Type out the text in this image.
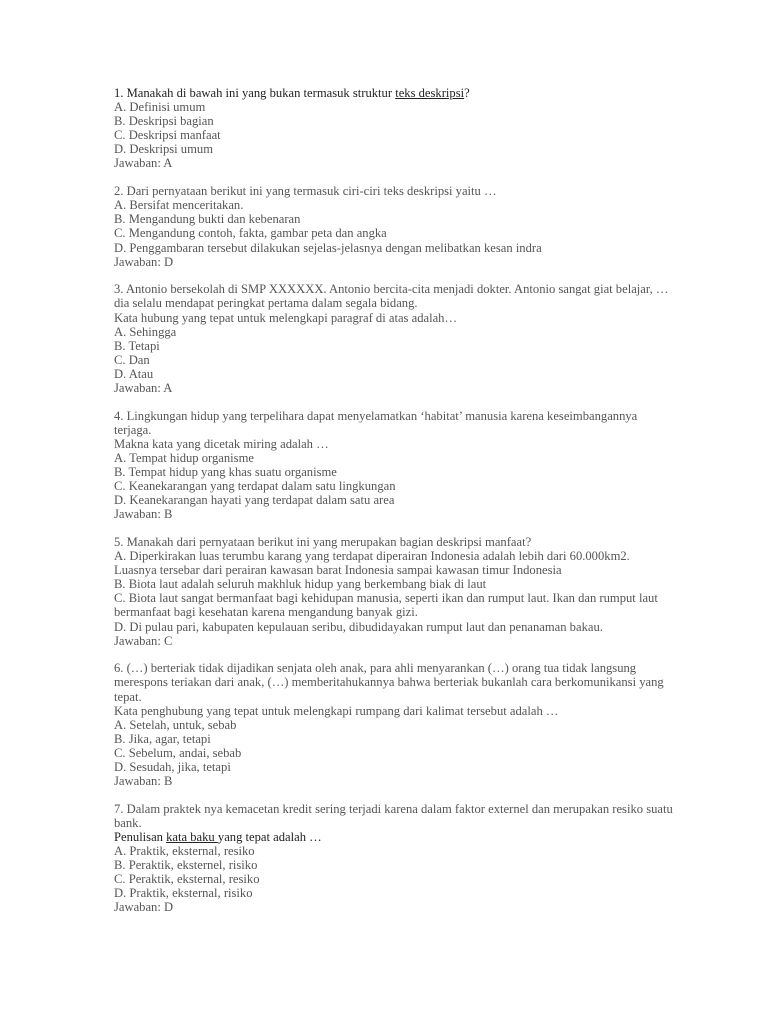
1. Manakah di bawah ini yang bukan termasuk struktur teks deskripsi?
A. Definisi umum
B. Deskripsi bagian
C. Deskripsi manfaat
D. Deskripsi umum
Jawaban: A
2. Dari pernyataan berikut ini yang termasuk ciri-ciri teks deskripsi yaitu …
A. Bersifat menceritakan.
B. Mengandung bukti dan kebenaran
C. Mengandung contoh, fakta, gambar peta dan angka
D. Penggambaran tersebut dilakukan sejelas-jelasnya dengan melibatkan kesan indra
Jawaban: D
3. Antonio bersekolah di SMP XXXXXX. Antonio bercita-cita menjadi dokter. Antonio sangat giat belajar, … dia selalu mendapat peringkat pertama dalam segala bidang.
Kata hubung yang tepat untuk melengkapi paragraf di atas adalah…
A. Sehingga
B. Tetapi
C. Dan
D. Atau
Jawaban: A
4. Lingkungan hidup yang terpelihara dapat menyelamatkan ‘habitat’ manusia karena keseimbangannya terjaga.
Makna kata yang dicetak miring adalah …
A. Tempat hidup organisme
B. Tempat hidup yang khas suatu organisme
C. Keanekarangan yang terdapat dalam satu lingkungan
D. Keanekarangan hayati yang terdapat dalam satu area
Jawaban: B
5. Manakah dari pernyataan berikut ini yang merupakan bagian deskripsi manfaat?
A. Diperkirakan luas terumbu karang yang terdapat diperairan Indonesia adalah lebih dari 60.000km2. Luasnya tersebar dari perairan kawasan barat Indonesia sampai kawasan timur Indonesia
B. Biota laut adalah seluruh makhluk hidup yang berkembang biak di laut
C. Biota laut sangat bermanfaat bagi kehidupan manusia, seperti ikan dan rumput laut. Ikan dan rumput laut bermanfaat bagi kesehatan karena mengandung banyak gizi.
D. Di pulau pari, kabupaten kepulauan seribu, dibudidayakan rumput laut dan penanaman bakau.
Jawaban: C
6. (…) berteriak tidak dijadikan senjata oleh anak, para ahli menyarankan (…) orang tua tidak langsung merespons teriakan dari anak, (…) memberitahukannya bahwa berteriak bukanlah cara berkomunikansi yang tepat.
Kata penghubung yang tepat untuk melengkapi rumpang dari kalimat tersebut adalah …
A. Setelah, untuk, sebab
B. Jika, agar, tetapi
C. Sebelum, andai, sebab
D. Sesudah, jika, tetapi
Jawaban: B
7. Dalam praktek nya kemacetan kredit sering terjadi karena dalam faktor externel dan merupakan resiko suatu bank.
Penulisan kata baku yang tepat adalah …
A. Praktik, eksternal, resiko
B. Peraktik, eksternel, risiko
C. Peraktik, eksternal, resiko
D. Praktik, eksternal, risiko
Jawaban: D
